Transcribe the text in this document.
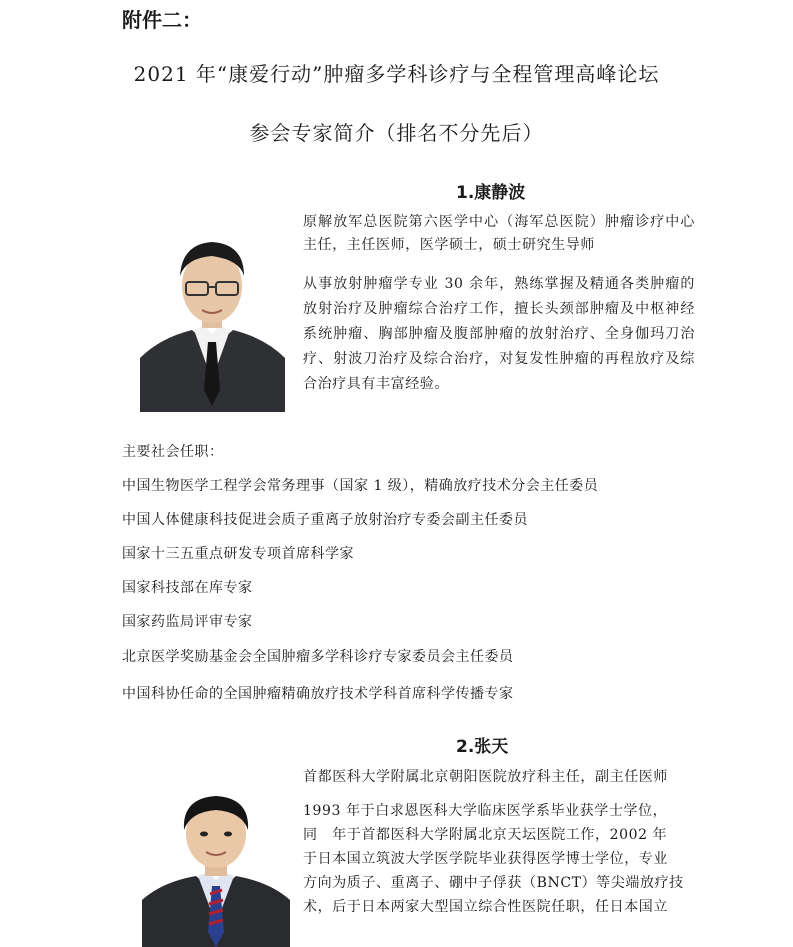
附件二：
2021 年“康爱行动”肿瘤多学科诊疗与全程管理高峰论坛
参会专家简介（排名不分先后）
1.康静波
原解放军总医院第六医学中心（海军总医院）肿瘤诊疗中心主任，主任医师，医学硕士，硕士研究生导师
从事放射肿瘤学专业 30 余年，熟练掌握及精通各类肿瘤的放射治疗及肿瘤综合治疗工作，擅长头颈部肿瘤及中枢神经系统肿瘤、胸部肿瘤及腹部肿瘤的放射治疗、全身伽玛刀治疗、射波刀治疗及综合治疗，对复发性肿瘤的再程放疗及综合治疗具有丰富经验。
主要社会任职：
中国生物医学工程学会常务理事（国家 1 级），精确放疗技术分会主任委员
中国人体健康科技促进会质子重离子放射治疗专委会副主任委员
国家十三五重点研发专项首席科学家
国家科技部在库专家
国家药监局评审专家
北京医学奖励基金会全国肿瘤多学科诊疗专家委员会主任委员
中国科协任命的全国肿瘤精确放疗技术学科首席科学传播专家
2.张天
首都医科大学附属北京朝阳医院放疗科主任，副主任医师
1993 年于白求恩医科大学临床医学系毕业获学士学位，
同　年于首都医科大学附属北京天坛医院工作，2002 年
于日本国立筑波大学医学院毕业获得医学博士学位，专业
方向为质子、重离子、硼中子俘获（BNCT）等尖端放疗技
术，后于日本两家大型国立综合性医院任职，任日本国立
